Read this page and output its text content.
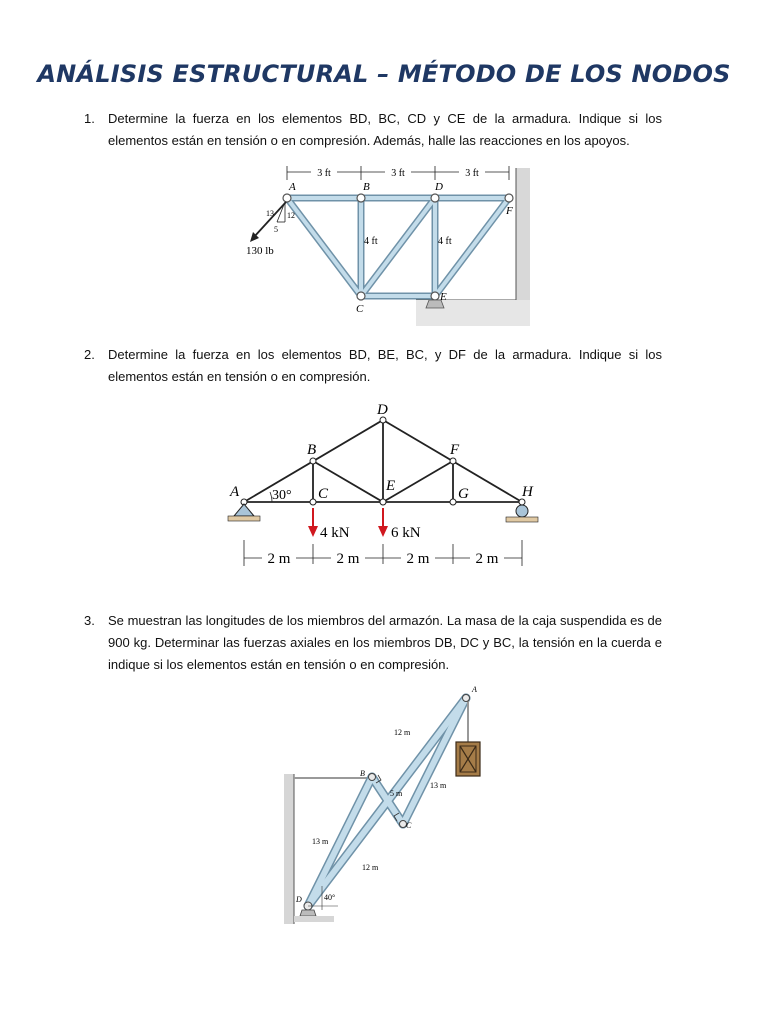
ANÁLISIS ESTRUCTURAL – MÉTODO DE LOS NODOS
1.	Determine la fuerza en los elementos BD, BC, CD y CE de la armadura. Indique si los elementos están en tensión o en compresión. Además, halle las reacciones en los apoyos.
3 ft	3 ft	3 ft
A	B
C
D
E
F
4 ft	4 ft
13 12
5
130 lb
2.	Determine la fuerza en los elementos BD, BE, BC, y DF de la armadura. Indique si los elementos están en tensión o en compresión.
A
B
C
D
E
F
G	H
30°
4 kN	6 kN
2 m	2 m	2 m	2 m
3.	Se muestran las longitudes de los miembros del armazón. La masa de la caja suspendida es de 900 kg. Determinar las fuerzas axiales en los miembros DB, DC y BC, la tensión en la cuerda e indique si los elementos están en tensión o en compresión.
40°
A
B
C
D
12 m
13 m
5 m
13 m
12 m
